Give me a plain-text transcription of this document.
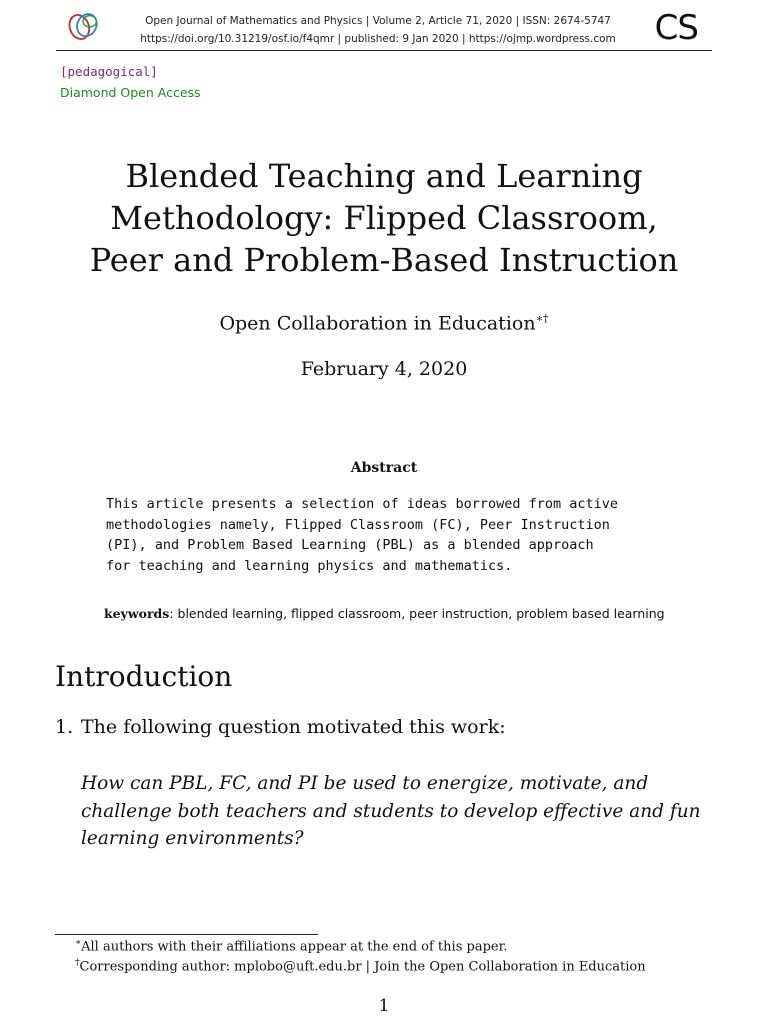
Open Journal of Mathematics and Physics | Volume 2, Article 71, 2020 | ISSN: 2674-5747
https://doi.org/10.31219/osf.io/f4qmr | published: 9 Jan 2020 | https://ojmp.wordpress.com	CS
[pedagogical]
Diamond Open Access
Blended Teaching and Learning
Methodology: Flipped Classroom,
Peer and Problem-Based Instruction
Open Collaboration in Education∗†
February 4, 2020
Abstract

This article presents a selection of ideas borrowed from active
methodologies namely, Flipped Classroom (FC), Peer Instruction
(PI), and Problem Based Learning (PBL) as a blended approach
for teaching and learning physics and mathematics.

keywords: blended learning, flipped classroom, peer instruction, problem based learning
Introduction
1. The following question motivated this work:

How can PBL, FC, and PI be used to energize, motivate, and challenge both teachers and students to develop effective and fun learning environments?

∗All authors with their affiliations appear at the end of this paper.
†Corresponding author: mplobo@uft.edu.br | Join the Open Collaboration in Education
1
